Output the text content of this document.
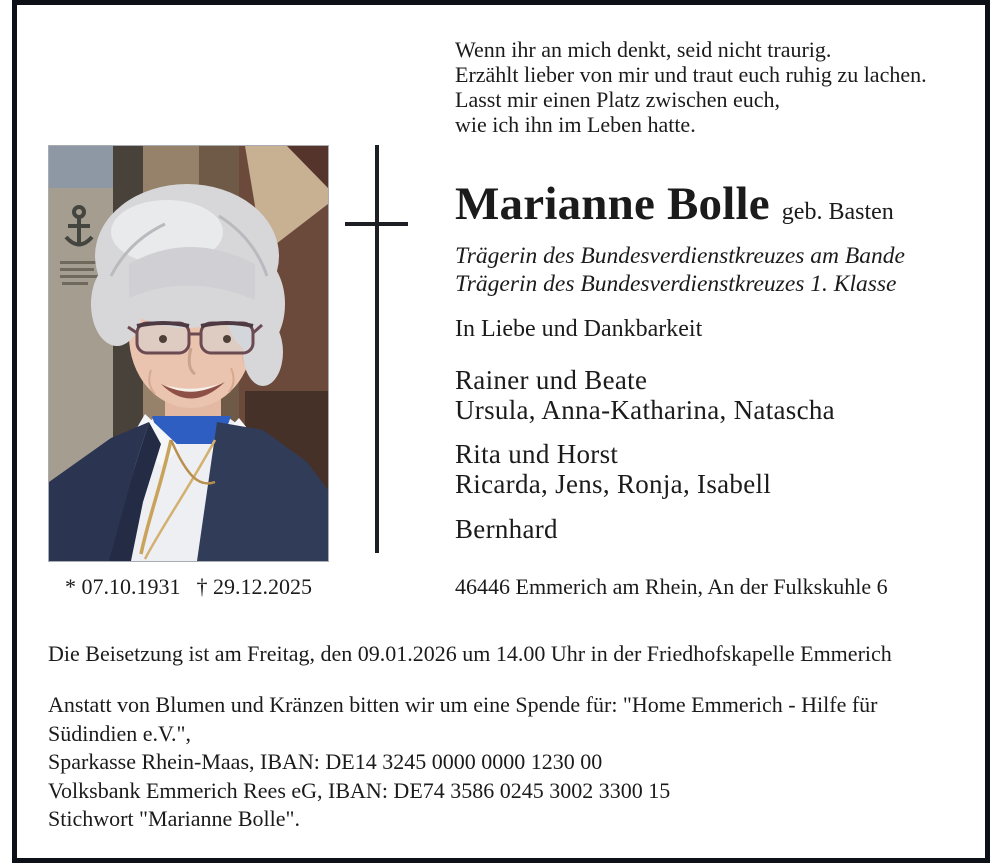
Wenn ihr an mich denkt, seid nicht traurig.
Erzählt lieber von mir und traut euch ruhig zu lachen.
Lasst mir einen Platz zwischen euch,
wie ich ihn im Leben hatte.
* 07.10.1931 † 29.12.2025
Marianne Bolle geb. Basten
Trägerin des Bundesverdienstkreuzes am Bande
Trägerin des Bundesverdienstkreuzes 1. Klasse
In Liebe und Dankbarkeit

Rainer und Beate
Ursula, Anna-Katharina, Natascha

Rita und Horst
Ricarda, Jens, Ronja, Isabell

Bernhard

46446 Emmerich am Rhein, An der Fulkskuhle 6
Die Beisetzung ist am Freitag, den 09.01.2026 um 14.00 Uhr in der Friedhofskapelle Emmerich
Anstatt von Blumen und Kränzen bitten wir um eine Spende für: "Home Emmerich - Hilfe für
Südindien e.V.",
Sparkasse Rhein-Maas, IBAN: DE14 3245 0000 0000 1230 00
Volksbank Emmerich Rees eG, IBAN: DE74 3586 0245 3002 3300 15
Stichwort "Marianne Bolle".
